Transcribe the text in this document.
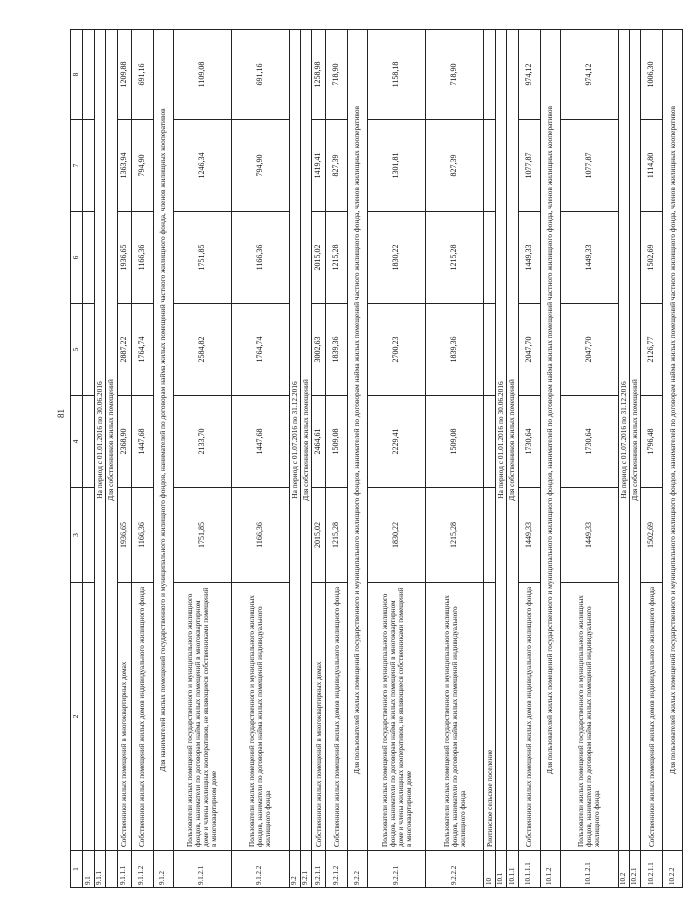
81
1	2	3	4	5	6	7	8
9.1							
9.1.1	На период с 01.01.2016 по 30.06.2016						
	Для собственников жилых помещений						
9.1.1.1	Собственники жилых помещений в многоквартирных домах	1936,65	2368,90	2887,22	1936,65	1363,94	1209,88
9.1.1.2	Собственники жилых помещений жилых домов индивидуального жилищного фонда	1166,36	1447,68	1764,74	1166,36	794,90	691,16
9.1.2	Для нанимателей жилых помещений государственного и муниципального жилищного фондов, нанимателей по договорам найма жилых помещений частного жилищного фонда, членов жилищных кооперативов						
9.1.2.1	Пользователи жилых помещений государственного и муниципального жилищного фондов, наниматели по договорам найма жилых помещений в многоквартирном доме и члены жилищных кооперативов, не являющиеся собственниками помещений в многоквартирном доме	1751,85	2133,70	2584,82	1751,85	1246,34	1109,08
9.1.2.2	Пользователи жилых помещений государственного и муниципального жилищных фондов, наниматели по договорам найма жилых помещений индивидуального жилищного фонда	1166,36	1447,68	1764,74	1166,36	794,90	691,16
9.2	На период с 01.07.2016 по 31.12.2016						
9.2.1	Для собственников жилых помещений						
9.2.1.1	Собственники жилых помещений в многоквартирных домах	2015,02	2464,61	3002,63	2015,02	1419,41	1258,98
9.2.1.2	Собственники жилых помещений жилых домов индивидуального жилищного фонда	1215,28	1509,08	1839,36	1215,28	827,39	718,90
9.2.2	Для пользователей жилых помещений государственного и муниципального жилищного фондов, нанимателей по договорам найма жилых помещений частного жилищного фонда, членов жилищных кооперативов						
9.2.2.1	Пользователи жилых помещений государственного и муниципального жилищного фондов, наниматели по договорам найма жилых помещений в многоквартирном доме и члены жилищных кооперативов, не являющиеся собственниками помещений в многоквартирном доме	1830,22	2229,41	2700,23	1830,22	1301,81	1158,18
9.2.2.2	Пользователи жилых помещений государственного и муниципального жилищных фондов, наниматели по договорам найма жилых помещений индивидуального жилищного фонда	1215,28	1509,08	1839,36	1215,28	827,39	718,90
10	Риотинское сельское поселение						
10.1	На период с 01.01.2016 по 30.06.2016						
10.1.1	Для собственников жилых помещений						
10.1.1.1	Собственники жилых помещений жилых домов индивидуального жилищного фонда	1449,33	1730,64	2047,70	1449,33	1077,87	974,12
10.1.2	Для пользователей жилых помещений государственного и муниципального жилищного фондов, нанимателей по договорам найма жилых помещений частного жилищного фонда, членов жилищных кооперативов						
10.1.2.1	Пользователи жилых помещений государственного и муниципального жилищных фондов, наниматели по договорам найма жилых помещений индивидуального жилищного фонда	1449,33	1730,64	2047,70	1449,33	1077,87	974,12
10.2	На период с 01.07.2016 по 31.12.2016						
10.2.1	Для собственников жилых помещений						
10.2.1.1	Собственники жилых помещений жилых домов индивидуального жилищного фонда	1502,69	1796,48	2126,77	1502,69	1114,80	1006,30
10.2.2	Для пользователей жилых помещений государственного и муниципального жилищного фондов, нанимателей по договорам найма жилых помещений частного жилищного фонда, членов жилищных кооперативов						
